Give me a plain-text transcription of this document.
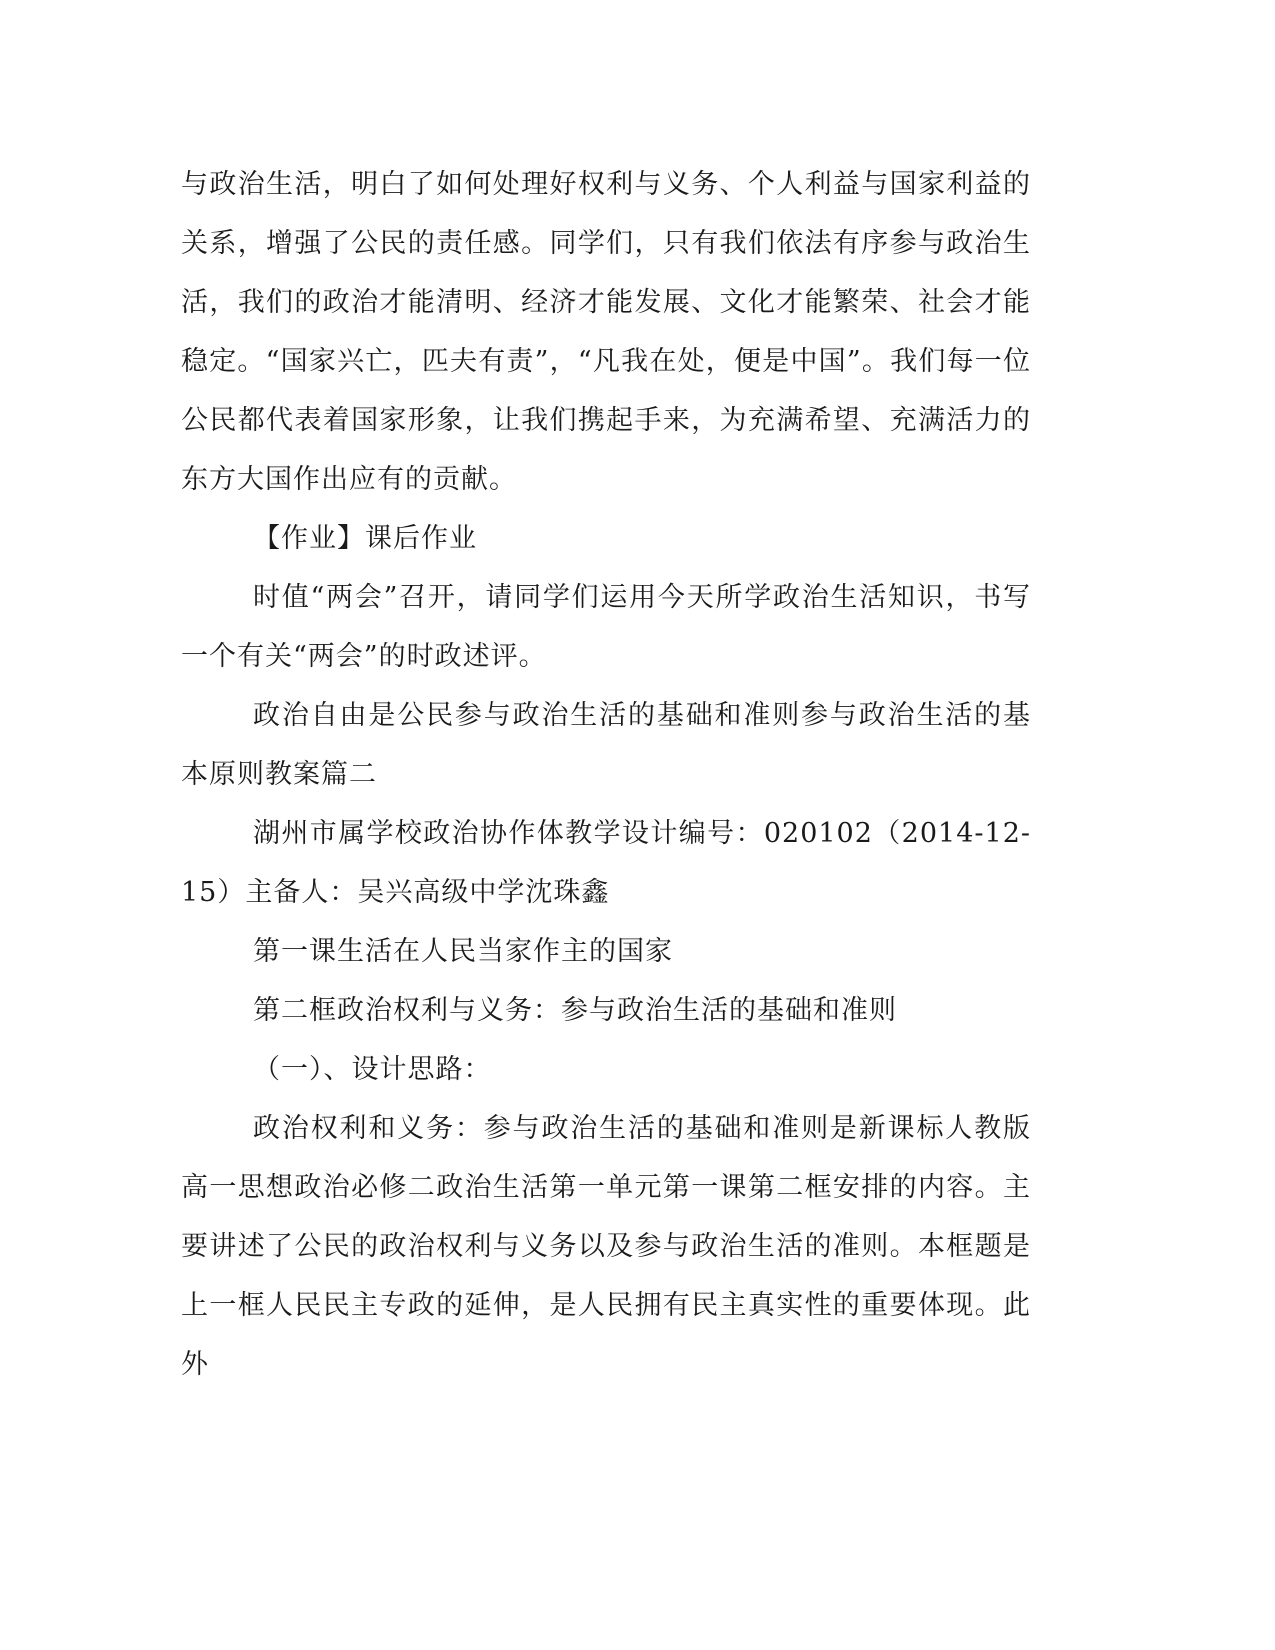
与政治生活，明白了如何处理好权利与义务、个人利益与国家利益的关系，增强了公民的责任感。同学们，只有我们依法有序参与政治生活，我们的政治才能清明、经济才能发展、文化才能繁荣、社会才能稳定。“国家兴亡，匹夫有责”，“凡我在处，便是中国”。我们每一位公民都代表着国家形象，让我们携起手来，为充满希望、充满活力的东方大国作出应有的贡献。

【作业】课后作业

时值“两会”召开，请同学们运用今天所学政治生活知识，书写一个有关“两会”的时政述评。

政治自由是公民参与政治生活的基础和准则参与政治生活的基本原则教案篇二

湖州市属学校政治协作体教学设计编号：020102（2014-12-15）主备人：吴兴高级中学沈珠鑫

第一课生活在人民当家作主的国家

第二框政治权利与义务：参与政治生活的基础和准则

（一）、设计思路：

政治权利和义务：参与政治生活的基础和准则是新课标人教版高一思想政治必修二政治生活第一单元第一课第二框安排的内容。主要讲述了公民的政治权利与义务以及参与政治生活的准则。本框题是上一框人民民主专政的延伸，是人民拥有民主真实性的重要体现。此外
